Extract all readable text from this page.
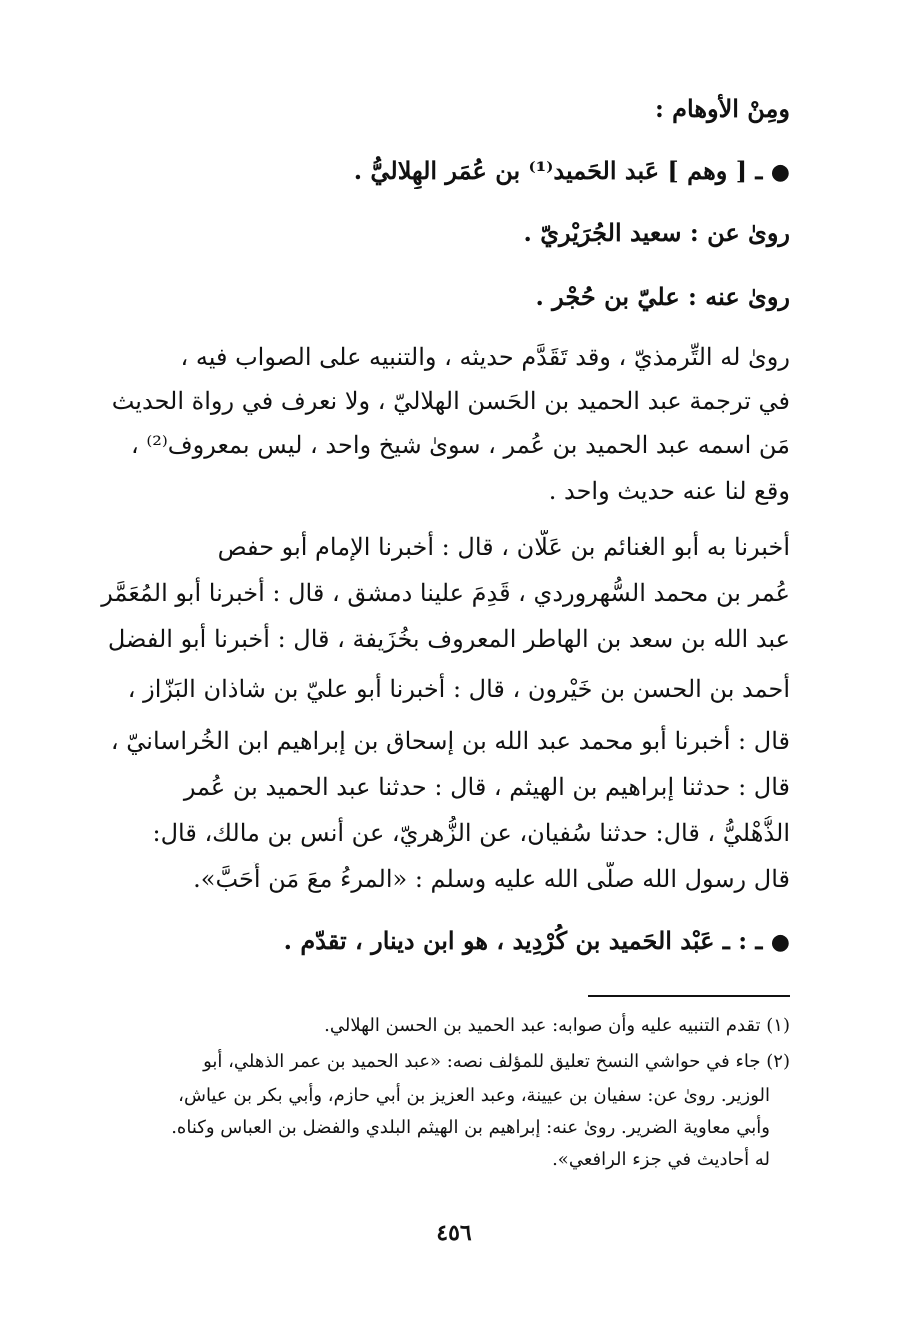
ومِنْ الأوهام :
● ـ [ وهم ] عَبد الحَميد⁽¹⁾ بن عُمَر الهِلاليُّ .
روىٰ عن : سعيد الجُرَيْريّ .
روىٰ عنه : عليّ بن حُجْر .
روىٰ له التِّرمذيّ ، وقد تَقَدَّم حديثه ، والتنبيه على الصواب فيه ،
في ترجمة عبد الحميد بن الحَسن الهلاليّ ، ولا نعرف في رواة الحديث
مَن اسمه عبد الحميد بن عُمر ، سوىٰ شيخ واحد ، ليس بمعروف⁽²⁾ ،
وقع لنا عنه حديث واحد .
أخبرنا به أبو الغنائم بن عَلّان ، قال : أخبرنا الإمام أبو حفص
عُمر بن محمد السُّهروردي ، قَدِمَ علينا دمشق ، قال : أخبرنا أبو المُعَمَّر
عبد الله بن سعد بن الهاطر المعروف بخُزَيفة ، قال : أخبرنا أبو الفضل
أحمد بن الحسن بن خَيْرون ، قال : أخبرنا أبو عليّ بن شاذان البَزّاز ،
قال : أخبرنا أبو محمد عبد الله بن إسحاق بن إبراهيم ابن الخُراسانيّ ،
قال : حدثنا إبراهيم بن الهيثم ، قال : حدثنا عبد الحميد بن عُمر
الذُّهْليُّ ، قال: حدثنا سُفيان، عن الزُّهريّ، عن أنس بن مالك، قال:
قال رسول الله صلّى الله عليه وسلم : «المرءُ معَ مَن أَحَبَّ».
● ـ : ـ عَبْد الحَميد بن كُرْدِيد ، هو ابن دينار ، تقدّم .
(١) تقدم التنبيه عليه وأن صوابه: عبد الحميد بن الحسن الهلالي.
(٢) جاء في حواشي النسخ تعليق للمؤلف نصه: «عبد الحميد بن عمر الذهلي، أبو
الوزير. روىٰ عن: سفيان بن عيينة، وعبد العزيز بن أبي حازم، وأبي بكر بن عياش،
وأبي معاوية الضرير. روىٰ عنه: إبراهيم بن الهيثم البلدي والفضل بن العباس وكناه.
له أحاديث في جزء الرافعي».
٤٥٦
